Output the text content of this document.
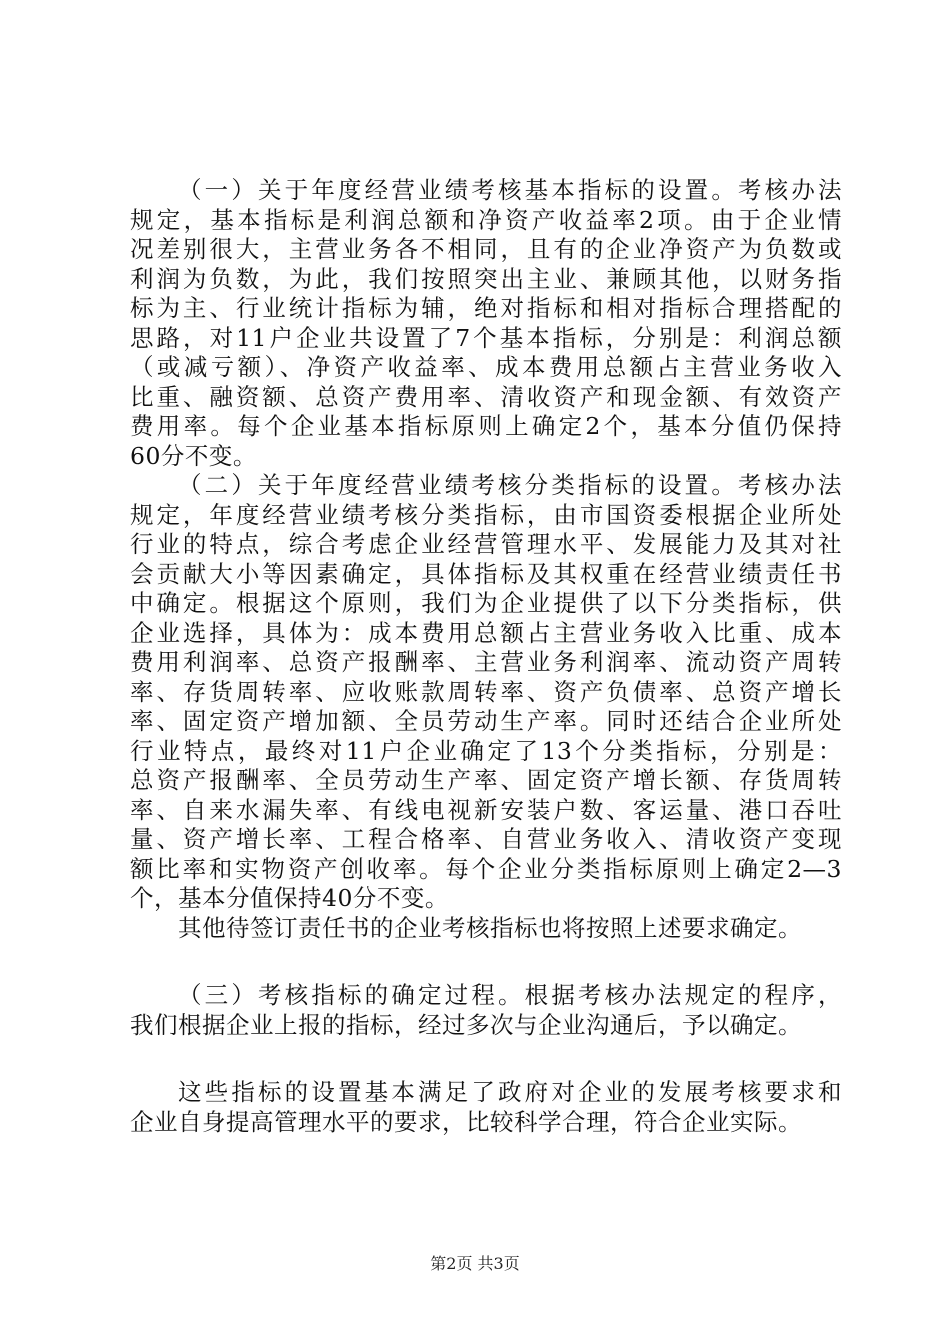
（一）关于年度经营业绩考核基本指标的设置。考核办法
规定，基本指标是利润总额和净资产收益率2项。由于企业情
况差别很大，主营业务各不相同，且有的企业净资产为负数或
利润为负数，为此，我们按照突出主业、兼顾其他，以财务指
标为主、行业统计指标为辅，绝对指标和相对指标合理搭配的
思路，对11户企业共设置了7个基本指标，分别是：利润总额
（或减亏额）、净资产收益率、成本费用总额占主营业务收入
比重、融资额、总资产费用率、清收资产和现金额、有效资产
费用率。每个企业基本指标原则上确定2个，基本分值仍保持
60分不变。
（二）关于年度经营业绩考核分类指标的设置。考核办法
规定，年度经营业绩考核分类指标，由市国资委根据企业所处
行业的特点，综合考虑企业经营管理水平、发展能力及其对社
会贡献大小等因素确定，具体指标及其权重在经营业绩责任书
中确定。根据这个原则，我们为企业提供了以下分类指标，供
企业选择，具体为：成本费用总额占主营业务收入比重、成本
费用利润率、总资产报酬率、主营业务利润率、流动资产周转
率、存货周转率、应收账款周转率、资产负债率、总资产增长
率、固定资产增加额、全员劳动生产率。同时还结合企业所处
行业特点，最终对11户企业确定了13个分类指标，分别是：
总资产报酬率、全员劳动生产率、固定资产增长额、存货周转
率、自来水漏失率、有线电视新安装户数、客运量、港口吞吐
量、资产增长率、工程合格率、自营业务收入、清收资产变现
额比率和实物资产创收率。每个企业分类指标原则上确定2—3
个，基本分值保持40分不变。
其他待签订责任书的企业考核指标也将按照上述要求确定。
（三）考核指标的确定过程。根据考核办法规定的程序，
我们根据企业上报的指标，经过多次与企业沟通后，予以确定。
这些指标的设置基本满足了政府对企业的发展考核要求和
企业自身提高管理水平的要求，比较科学合理，符合企业实际。
第2页 共3页
